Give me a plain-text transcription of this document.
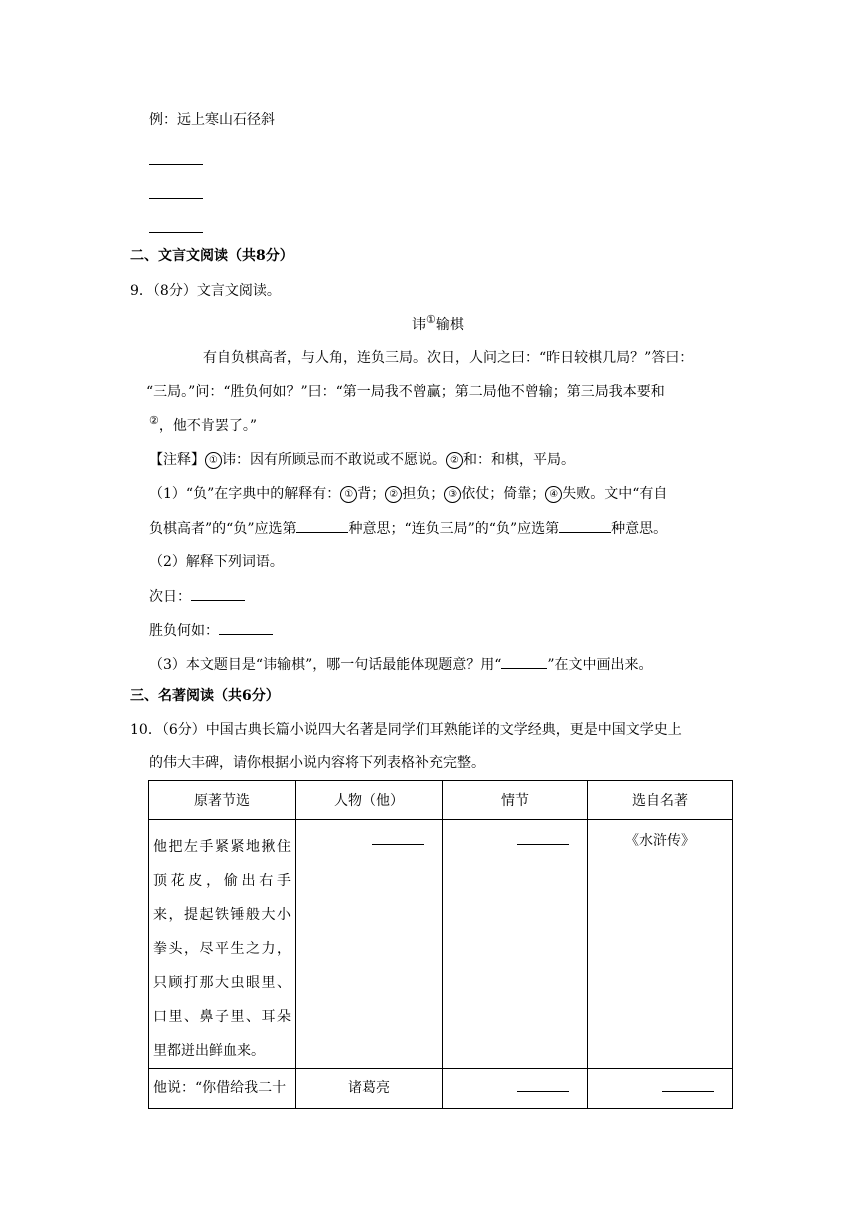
例：远上寒山石径斜
二、文言文阅读（共8分）
9．（8分）文言文阅读。
讳①输棋
有自负棋高者，与人角，连负三局。次日，人问之曰：“昨日较棋几局？”答曰：
“三局。”问：“胜负何如？”曰：“第一局我不曾赢；第二局他不曾输；第三局我本要和
②，他不肯罢了。”
【注释】 ① 讳：因有所顾忌而不敢说或不愿说。 ② 和：和棋，平局。
（1）“负”在字典中的解释有： ① 背； ② 担负； ③ 依仗；倚靠； ④ 失败。文中“有自
负棋高者”的“负”应选第	种意思；“连负三局”的“负”应选第	种意思。
（2）解释下列词语。
次日：
胜负何如：
（3）本文题目是“讳输棋”，哪一句话最能体现题意？用“	”在文中画出来。
三、名著阅读（共6分）
10．（6分）中国古典长篇小说四大名著是同学们耳熟能详的文学经典，更是中国文学史上
的伟大丰碑，请你根据小说内容将下列表格补充完整。
原著节选	人物（他）	情节	选自名著

他把左手紧紧地揪住顶花皮，偷出右手来，提起铁锤般大小拳头，尽平生之力，只顾打那大虫眼里、口里、鼻子里、耳朵里都迸出鲜血来。			《水浒传》

他说：“你借给我二十	诸葛亮		
